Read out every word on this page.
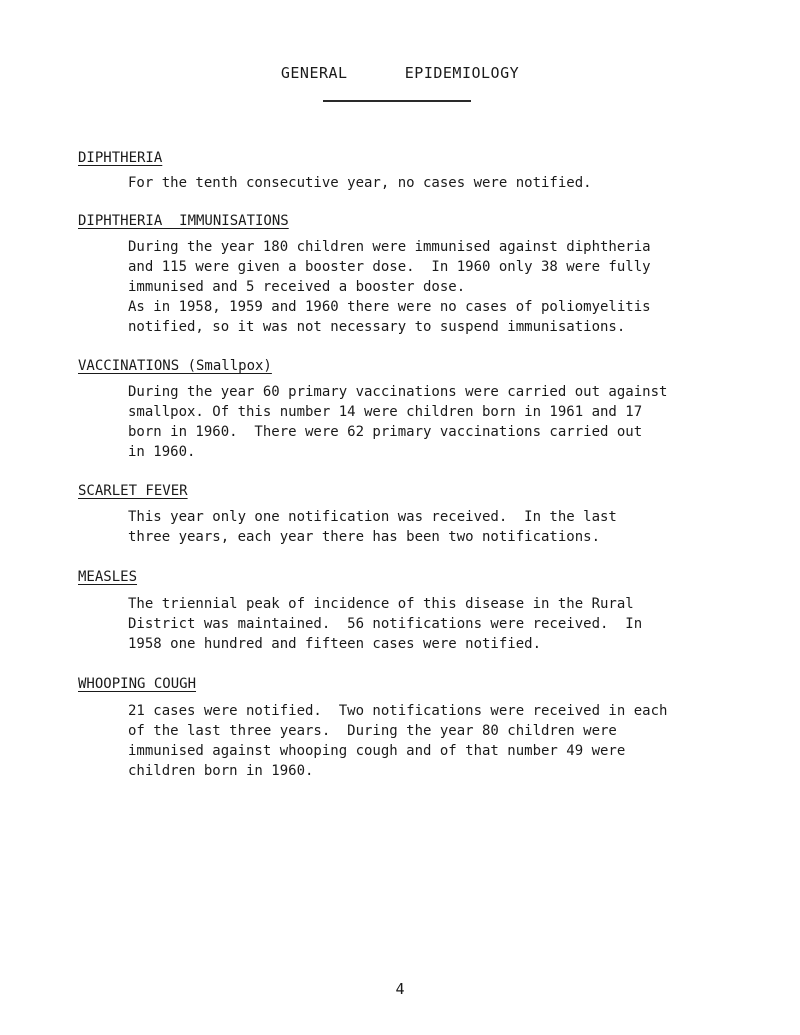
GENERAL      EPIDEMIOLOGY
DIPHTHERIA
For the tenth consecutive year, no cases were notified.
DIPHTHERIA  IMMUNISATIONS
During the year 180 children were immunised against diphtheria
and 115 were given a booster dose.  In 1960 only 38 were fully
immunised and 5 received a booster dose.
As in 1958, 1959 and 1960 there were no cases of poliomyelitis
notified, so it was not necessary to suspend immunisations.
VACCINATIONS (Smallpox)
During the year 60 primary vaccinations were carried out against
smallpox. Of this number 14 were children born in 1961 and 17
born in 1960.  There were 62 primary vaccinations carried out
in 1960.
SCARLET FEVER
This year only one notification was received.  In the last
three years, each year there has been two notifications.
MEASLES
The triennial peak of incidence of this disease in the Rural
District was maintained.  56 notifications were received.  In
1958 one hundred and fifteen cases were notified.
WHOOPING COUGH
21 cases were notified.  Two notifications were received in each
of the last three years.  During the year 80 children were
immunised against whooping cough and of that number 49 were
children born in 1960.
4
